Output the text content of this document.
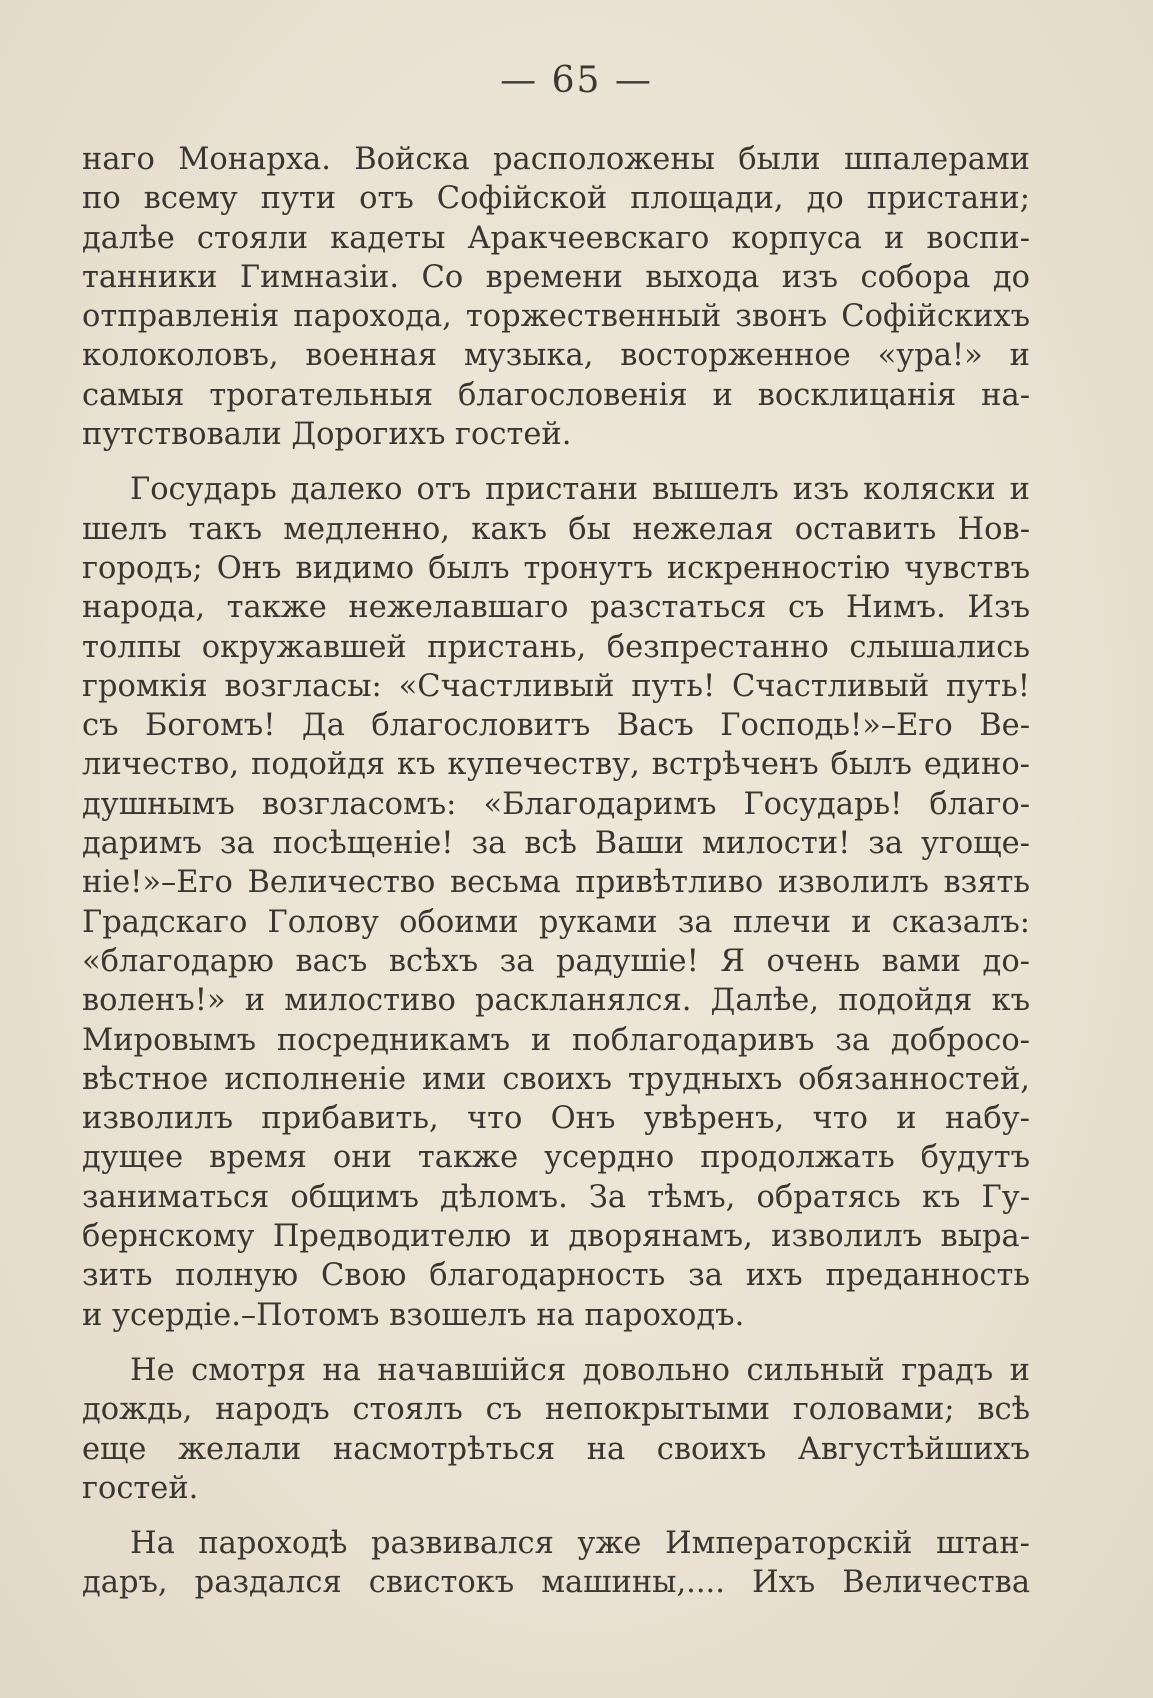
— 65 —

наго Монарха. Войска расположены были шпалерами
по всему пути отъ Софійской площади, до пристани;
далѣе стояли кадеты Аракчеевскаго корпуса и воспи-
танники Гимназіи. Со времени выхода изъ собора до
отправленія парохода, торжественный звонъ Софійскихъ
колоколовъ, военная музыка, восторженное «ура!» и
самыя трогательныя благословенія и восклицанія на-
путствовали Дорогихъ гостей.

Государь далеко отъ пристани вышелъ изъ коляски и
шелъ такъ медленно, какъ бы нежелая оставить Нов-
городъ; Онъ видимо былъ тронутъ искренностію чувствъ
народа, также нежелавшаго разстаться съ Нимъ. Изъ
толпы окружавшей пристань, безпрестанно слышались
громкія возгласы: «Счастливый путь! Счастливый путь!
съ Богомъ! Да благословитъ Васъ Господь!»–Его Ве-
личество, подойдя къ купечеству, встрѣченъ былъ едино-
душнымъ возгласомъ: «Благодаримъ Государь! благо-
даримъ за посѣщеніе! за всѣ Ваши милости! за угоще-
ніе!»–Его Величество весьма привѣтливо изволилъ взять
Градскаго Голову обоими руками за плечи и сказалъ:
«благодарю васъ всѣхъ за радушіе! Я очень вами до-
воленъ!» и милостиво раскланялся. Далѣе, подойдя къ
Мировымъ посредникамъ и поблагодаривъ за добросо-
вѣстное исполненіе ими своихъ трудныхъ обязанностей,
изволилъ прибавить, что Онъ увѣренъ, что и набу-
дущее время они также усердно продолжать будутъ
заниматься общимъ дѣломъ. За тѣмъ, обратясь къ Гу-
бернскому Предводителю и дворянамъ, изволилъ выра-
зить полную Свою благодарность за ихъ преданность
и усердіе.–Потомъ взошелъ на пароходъ.

Не смотря на начавшійся довольно сильный градъ и
дождь, народъ стоялъ съ непокрытыми головами; всѣ
еще желали насмотрѣться на своихъ Августѣйшихъ
гостей.

На пароходѣ развивался уже Императорскій штан-
даръ, раздался свистокъ машины,.... Ихъ Величества
